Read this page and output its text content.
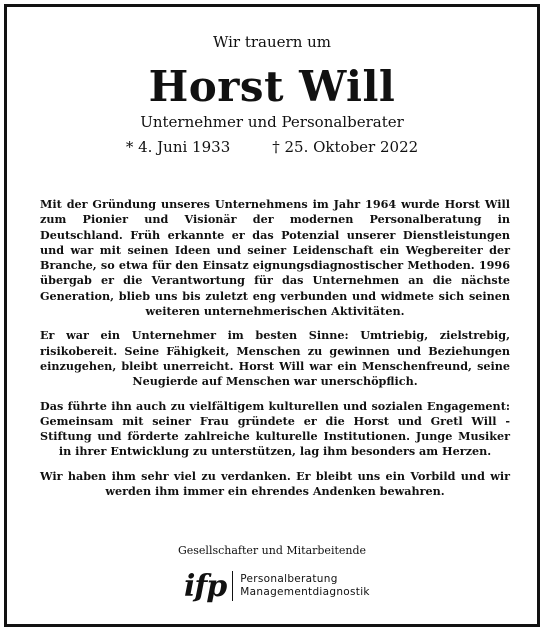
Wir trauern um
Horst Will
Unternehmer und Personalberater
* 4. Juni 1933	† 25. Oktober 2022

Mit der Gründung unseres Unternehmens im Jahr 1964 wurde Horst Will zum Pionier und Visionär der modernen Personalberatung in Deutschland. Früh erkannte er das Potenzial unserer Dienstleistungen und war mit seinen Ideen und seiner Leidenschaft ein Wegbereiter der Branche, so etwa für den Einsatz eignungsdiagnostischer Methoden. 1996 übergab er die Verantwortung für das Unternehmen an die nächste Generation, blieb uns bis zuletzt eng verbunden und widmete sich seinen weiteren unternehmerischen Aktivitäten.

Er war ein Unternehmer im besten Sinne: Umtriebig, zielstrebig, risikobereit. Seine Fähigkeit, Menschen zu gewinnen und Beziehungen einzugehen, bleibt unerreicht. Horst Will war ein Menschenfreund, seine Neugierde auf Menschen war unerschöpflich.

Das führte ihn auch zu vielfältigem kulturellen und sozialen Engagement: Gemeinsam mit seiner Frau gründete er die Horst und Gretl Will - Stiftung und förderte zahlreiche kulturelle Institutionen. Junge Musiker in ihrer Entwicklung zu unterstützen, lag ihm besonders am Herzen.

Wir haben ihm sehr viel zu verdanken. Er bleibt uns ein Vorbild und wir werden ihm immer ein ehrendes Andenken bewahren.

Gesellschafter und Mitarbeitende
ifp Personalberatung
Managementdiagnostik
